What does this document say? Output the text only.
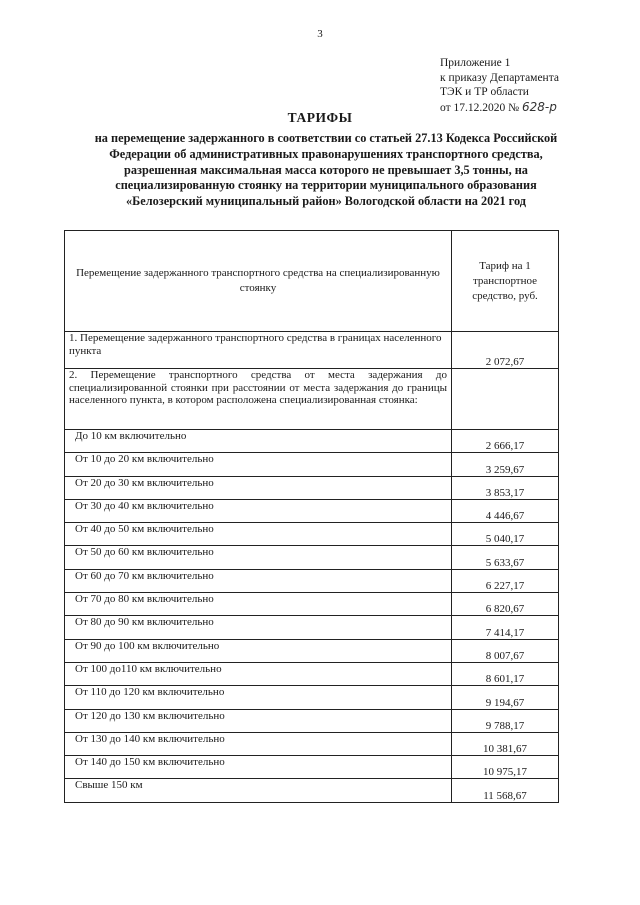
3
Приложение 1
к приказу Департамента
ТЭК и ТР области
от 17.12.2020 № 628-р
ТАРИФЫ
на перемещение задержанного в соответствии со статьей 27.13 Кодекса Российской Федерации об административных правонарушениях транспортного средства, разрешенная максимальная масса которого не превышает 3,5 тонны, на специализированную стоянку на территории муниципального образования «Белозерский муниципальный район» Вологодской области на 2021 год
Перемещение задержанного транспортного средства на специализированную стоянку	Тариф на 1 транспортное средство, руб.
1. Перемещение задержанного транспортного средства в границах населенного пункта	2 072,67
2. Перемещение транспортного средства от места задержания до специализированной стоянки при расстоянии от места задержания до границы населенного пункта, в котором расположена специализированная стоянка:	
До 10 км включительно	2 666,17
От 10 до 20 км включительно	3 259,67
От 20 до 30 км включительно	3 853,17
От 30 до 40 км включительно	4 446,67
От 40 до 50 км включительно	5 040,17
От 50 до 60 км включительно	5 633,67
От 60 до 70 км включительно	6 227,17
От 70 до 80 км включительно	6 820,67
От 80 до 90 км включительно	7 414,17
От 90 до 100 км включительно	8 007,67
От 100 до110 км включительно	8 601,17
От 110 до 120 км включительно	9 194,67
От 120 до 130 км включительно	9 788,17
От 130 до 140 км включительно	10 381,67
От 140 до 150 км включительно	10 975,17
Свыше 150 км	11 568,67
